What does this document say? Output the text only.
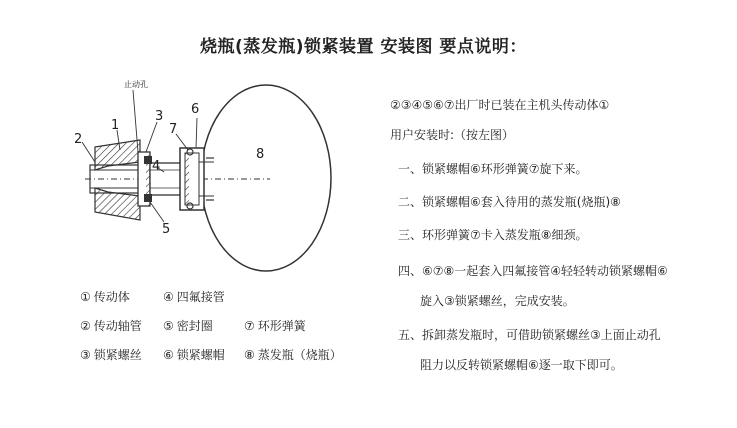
烧瓶(蒸发瓶)锁紧装置 安装图 要点说明：
2
1
止动孔
3
4
5
7
6
8
① 传动体
② 传动轴管
③ 锁紧螺丝
④ 四氟接管
⑤ 密封圈
⑥ 锁紧螺帽
⑦ 环形弹簧
⑧ 蒸发瓶（烧瓶）
②③④⑤⑥⑦出厂时已装在主机头传动体①
用户安装时:（按左图）
一、锁紧螺帽⑥环形弹簧⑦旋下来。
二、锁紧螺帽⑥套入待用的蒸发瓶(烧瓶)⑧
三、环形弹簧⑦卡入蒸发瓶⑧细颈。
四、⑥⑦⑧一起套入四氟接管④轻轻转动锁紧螺帽⑥
旋入③锁紧螺丝，完成安装。
五、拆卸蒸发瓶时，可借助锁紧螺丝③上面止动孔
阻力以反转锁紧螺帽⑥逐一取下即可。
